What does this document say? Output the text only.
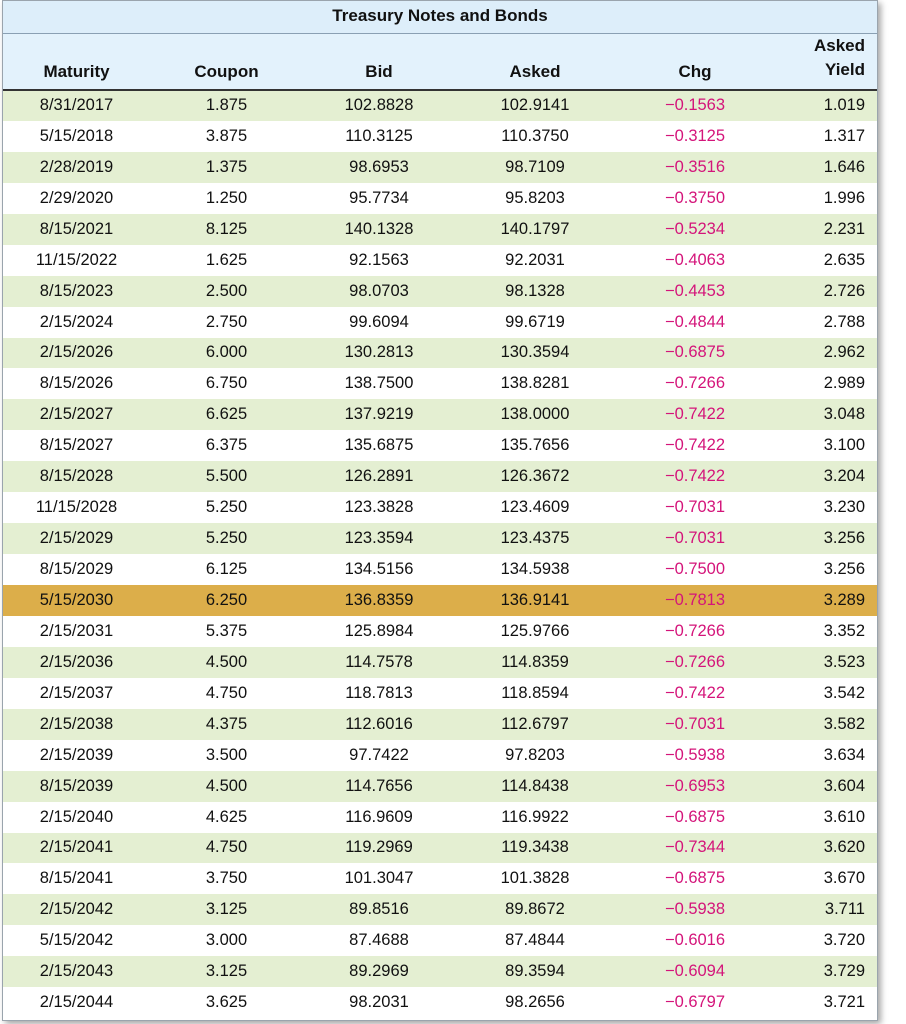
Treasury Notes and Bonds
Maturity	Coupon	Bid	Asked	Chg	Asked Yield
8/31/2017	1.875	102.8828	102.9141	−0.1563	1.019
5/15/2018	3.875	110.3125	110.3750	−0.3125	1.317
2/28/2019	1.375	98.6953	98.7109	−0.3516	1.646
2/29/2020	1.250	95.7734	95.8203	−0.3750	1.996
8/15/2021	8.125	140.1328	140.1797	−0.5234	2.231
11/15/2022	1.625	92.1563	92.2031	−0.4063	2.635
8/15/2023	2.500	98.0703	98.1328	−0.4453	2.726
2/15/2024	2.750	99.6094	99.6719	−0.4844	2.788
2/15/2026	6.000	130.2813	130.3594	−0.6875	2.962
8/15/2026	6.750	138.7500	138.8281	−0.7266	2.989
2/15/2027	6.625	137.9219	138.0000	−0.7422	3.048
8/15/2027	6.375	135.6875	135.7656	−0.7422	3.100
8/15/2028	5.500	126.2891	126.3672	−0.7422	3.204
11/15/2028	5.250	123.3828	123.4609	−0.7031	3.230
2/15/2029	5.250	123.3594	123.4375	−0.7031	3.256
8/15/2029	6.125	134.5156	134.5938	−0.7500	3.256
5/15/2030	6.250	136.8359	136.9141	−0.7813	3.289
2/15/2031	5.375	125.8984	125.9766	−0.7266	3.352
2/15/2036	4.500	114.7578	114.8359	−0.7266	3.523
2/15/2037	4.750	118.7813	118.8594	−0.7422	3.542
2/15/2038	4.375	112.6016	112.6797	−0.7031	3.582
2/15/2039	3.500	97.7422	97.8203	−0.5938	3.634
8/15/2039	4.500	114.7656	114.8438	−0.6953	3.604
2/15/2040	4.625	116.9609	116.9922	−0.6875	3.610
2/15/2041	4.750	119.2969	119.3438	−0.7344	3.620
8/15/2041	3.750	101.3047	101.3828	−0.6875	3.670
2/15/2042	3.125	89.8516	89.8672	−0.5938	3.711
5/15/2042	3.000	87.4688	87.4844	−0.6016	3.720
2/15/2043	3.125	89.2969	89.3594	−0.6094	3.729
2/15/2044	3.625	98.2031	98.2656	−0.6797	3.721
